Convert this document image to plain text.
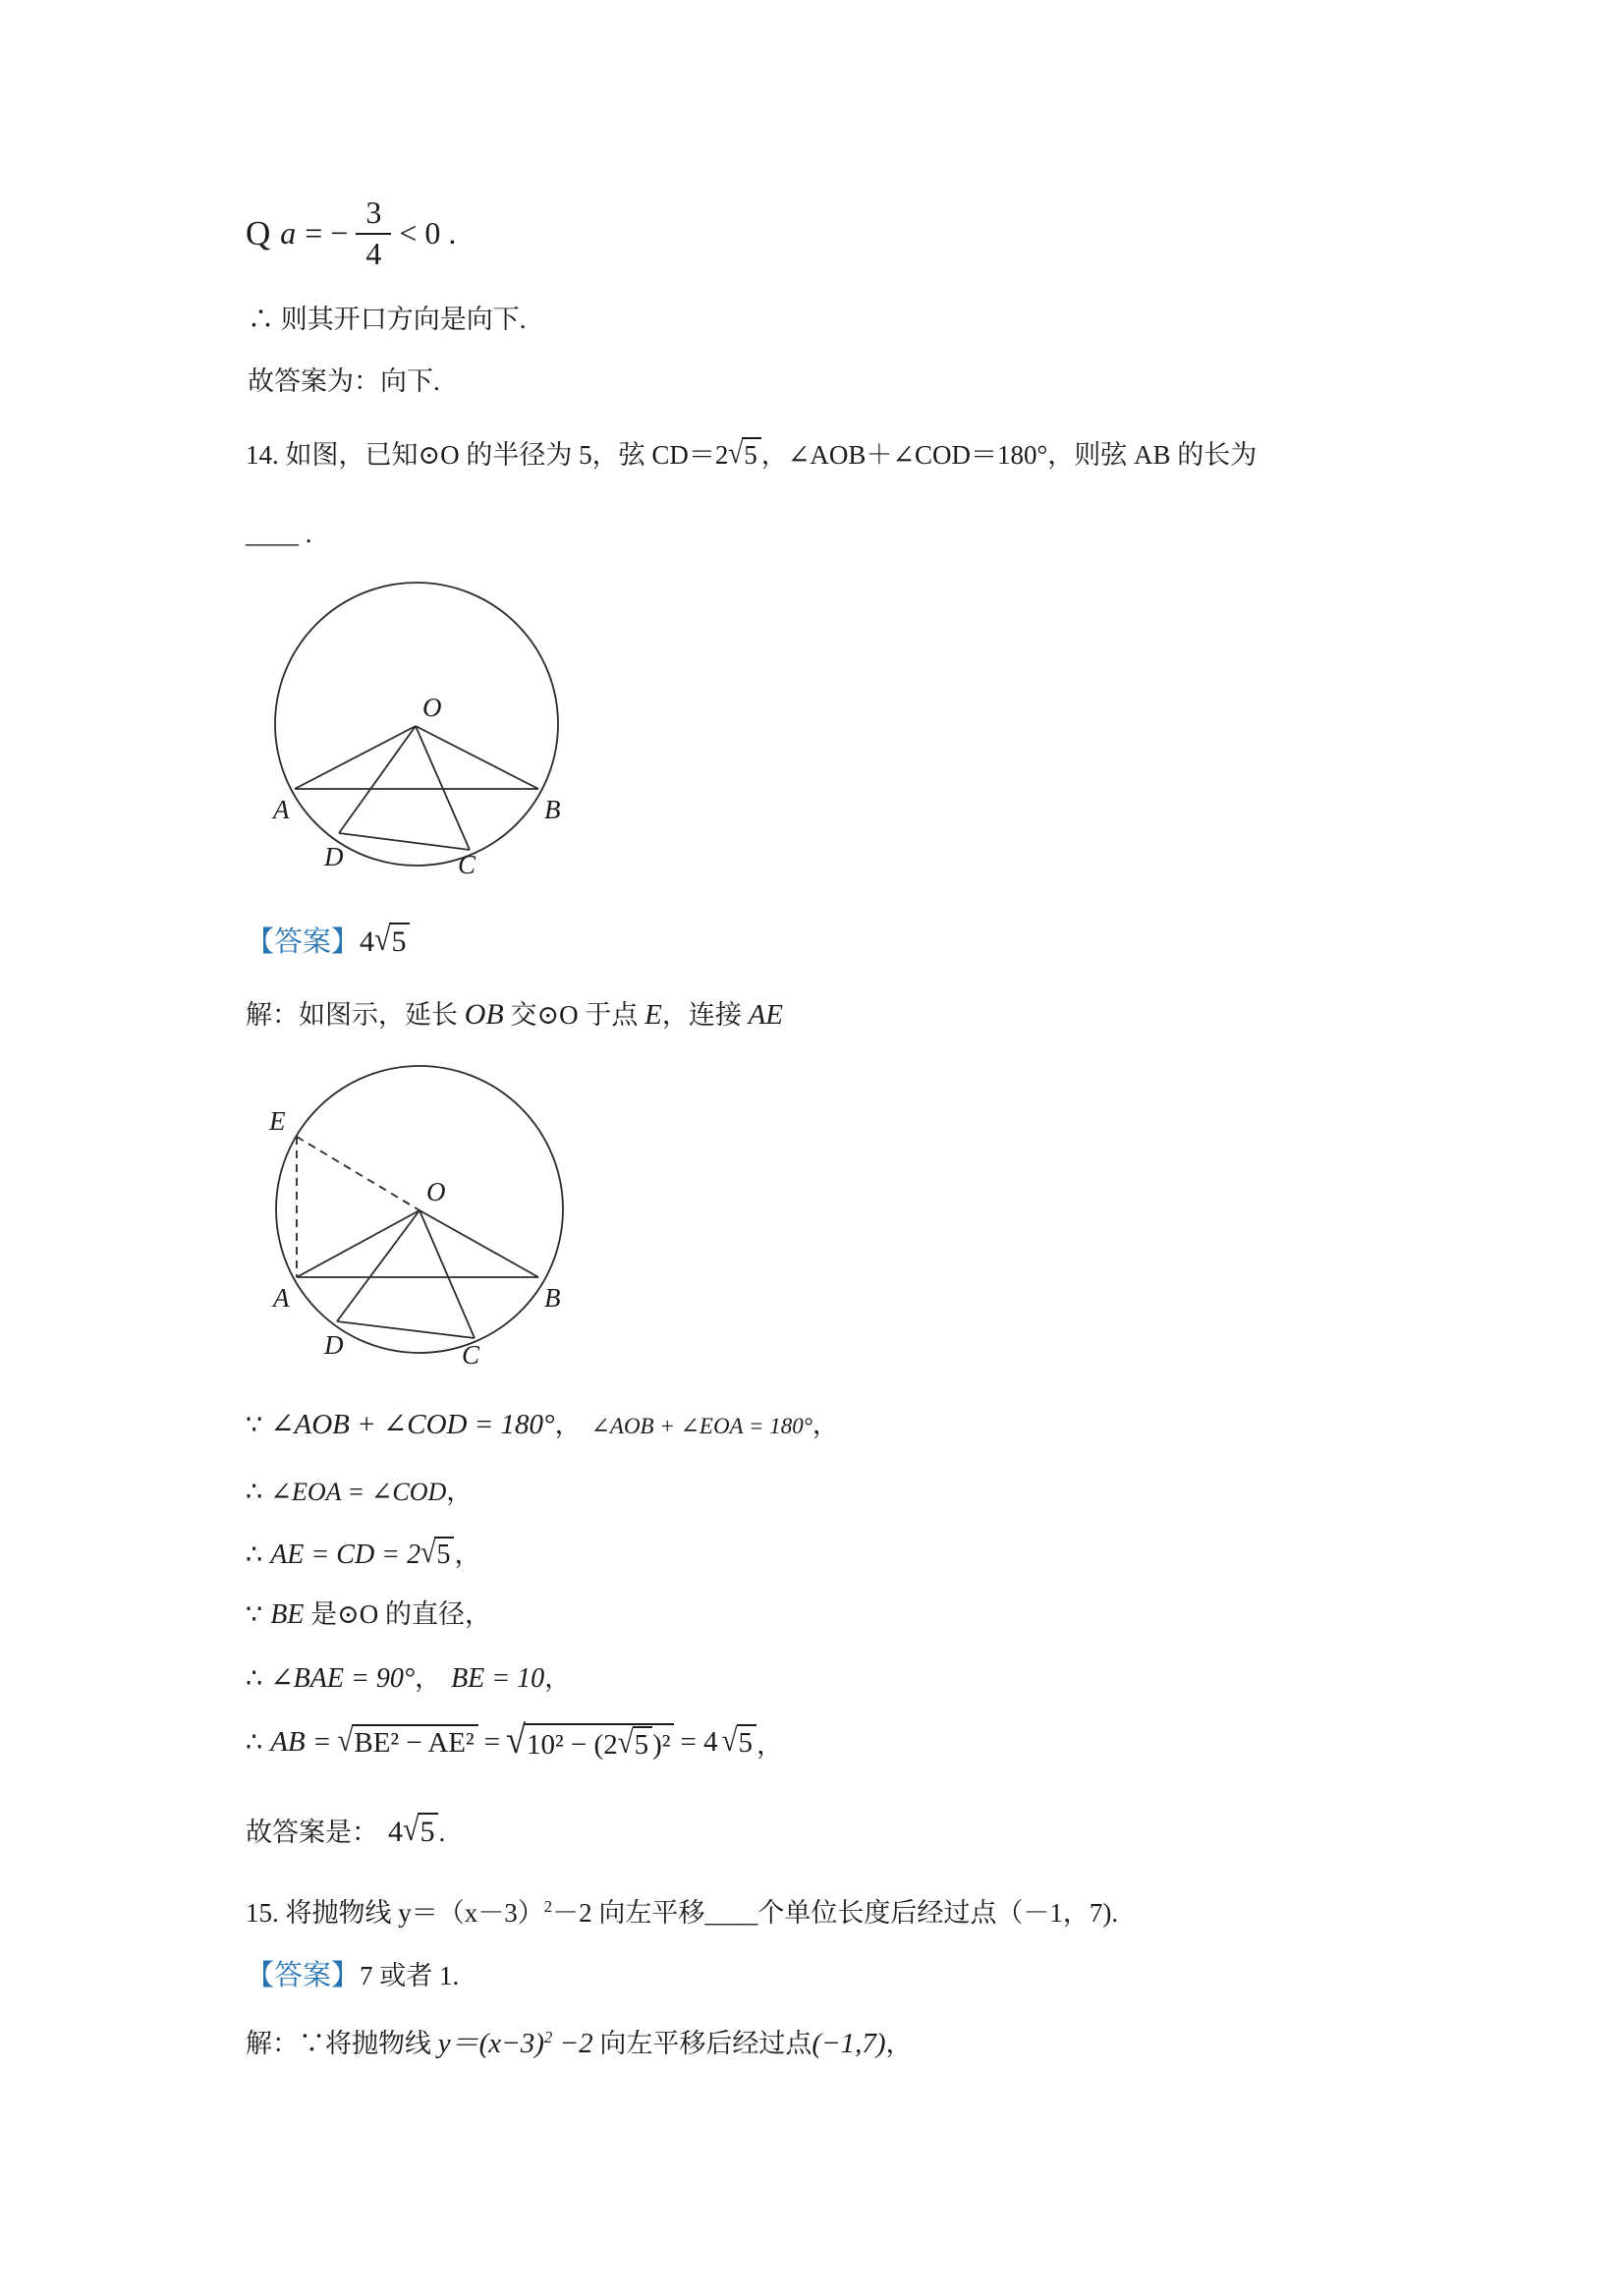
Q a = − $\frac{3}{4} < 0$ .
∴ 则其开口方向是向下.
故答案为：向下.
14. 如图，已知⊙O 的半径为 5，弦 CD＝2√5 ，∠AOB＋∠COD＝180°，则弦 AB 的长为
____ .
O
A	B
D	C
【答案】4√5
解：如图示，延长 OB 交⊙O 于点 E，连接 AE
E
O
A	B
D	C
∵ ∠AOB + ∠COD = 180°， ∠AOB + ∠EOA = 180°，
∴ ∠EOA = ∠COD，
∴ AE = CD = 2√5 ，
∵ BE 是⊙O 的直径，
∴ ∠BAE = 90°， BE = 10，
∴ AB = √BE² − AE² = √10² − (2√5 )² = 4 √5 ，
故答案是： 4√5 .
15. 将抛物线 $y=(x-3)^2-2$ 向左平移____个单位长度后经过点（－1，7).
【答案】7 或者 1.
解：∵将抛物线 $y=(x-3)^2 -2$ 向左平移后经过点(−1,7)，
